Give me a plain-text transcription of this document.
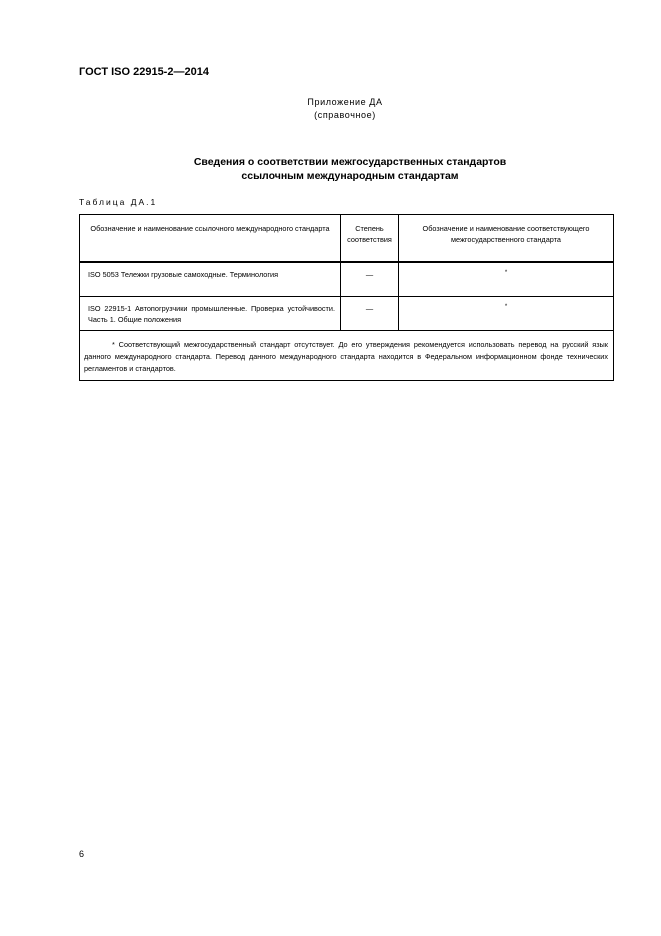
ГОСТ ISO 22915-2—2014
Приложение ДА
(справочное)
Сведения о соответствии межгосударственных стандартов
ссылочным международным стандартам
Таблица ДА.1
Обозначение и наименование ссылочного международного стандарта	Степень соответствия	Обозначение и наименование соответствующего межгосударственного стандарта
ISO 5053 Тележки грузовые самоходные. Терминология	—	*
ISO 22915-1 Автопогрузчики промышленные. Проверка устойчивости. Часть 1. Общие положения	—	*
* Соответствующий межгосударственный стандарт отсутствует. До его утверждения рекомендуется использовать перевод на русский язык данного международного стандарта. Перевод данного международного стандарта находится в Федеральном информационном фонде технических регламентов и стандартов.		
6
